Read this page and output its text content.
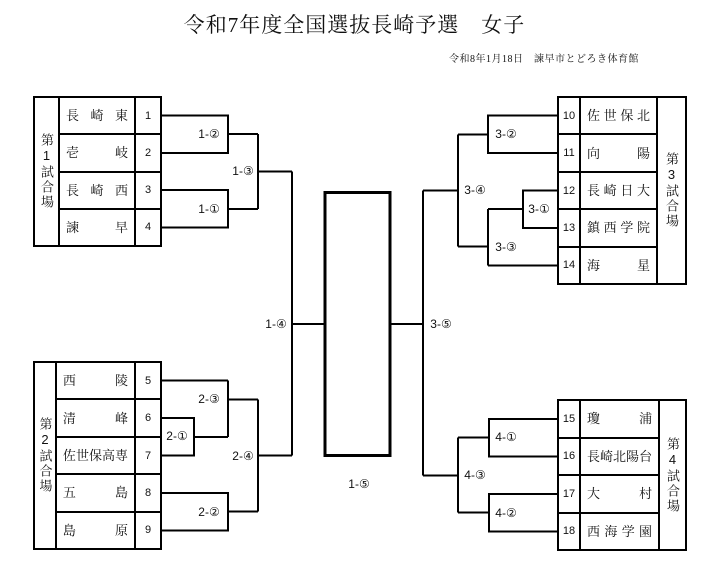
令和7年度全国選抜長崎予選　女子
令和8年1月18日　諫早市とどろき体育館
第1試合場
長 崎 東	1
壱	岐	2
長 崎 西	3
諫	早	4
第2試合場
西	陵	5
清	峰	6
佐 世 保 高 専	7
五	島	8
島	原	9
10 佐 世 保 北
11 向	陽
12 長 崎 日 大
13 鎮 西 学 院
14 海	星
第3試合場
15 瓊	浦
16 長 崎 北 陽 台
17 大	村
18 西 海 学 園
第4試合場
1-②
1-③
1-①
1-④
1-⑤
2-③
2-①
2-④
2-②
3-②
3-④
3-①
3-③
3-⑤
4-①
4-③
4-②
